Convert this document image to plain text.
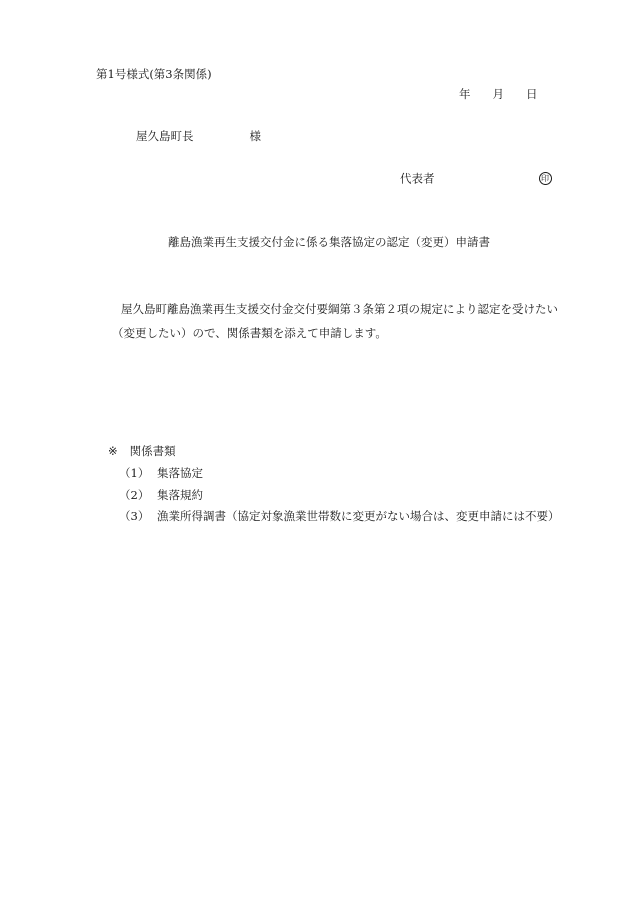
第1号様式(第3条関係)
年 月 日
屋久島町長	様
代表者	印
離島漁業再生支援交付金に係る集落協定の認定（変更）申請書
屋久島町離島漁業再生支援交付金交付要綱第３条第２項の規定により認定を受けたい
（変更したい）ので、関係書類を添えて申請します。
※ 関係書類
（1） 集落協定
（2） 集落規約
（3） 漁業所得調書（協定対象漁業世帯数に変更がない場合は、変更申請には不要）
